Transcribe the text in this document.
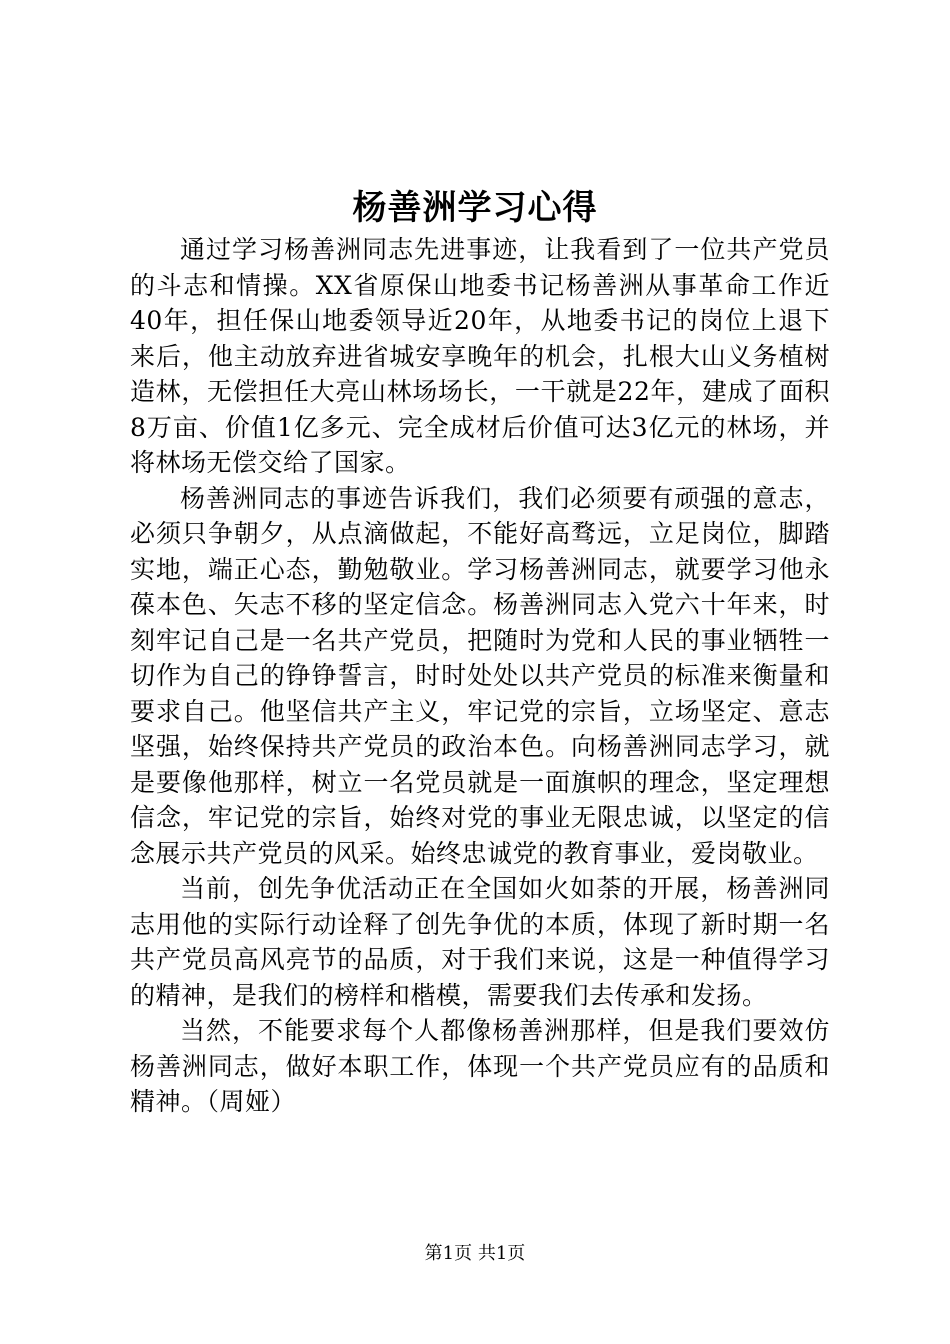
杨善洲学习心得

通过学习杨善洲同志先进事迹，让我看到了一位共产党员的斗志和情操。XX省原保山地委书记杨善洲从事革命工作近40年，担任保山地委领导近20年，从地委书记的岗位上退下来后，他主动放弃进省城安享晚年的机会，扎根大山义务植树造林，无偿担任大亮山林场场长，一干就是22年，建成了面积8万亩、价值1亿多元、完全成材后价值可达3亿元的林场，并将林场无偿交给了国家。

杨善洲同志的事迹告诉我们，我们必须要有顽强的意志，必须只争朝夕，从点滴做起，不能好高骛远，立足岗位，脚踏实地，端正心态，勤勉敬业。学习杨善洲同志，就要学习他永葆本色、矢志不移的坚定信念。杨善洲同志入党六十年来，时刻牢记自己是一名共产党员，把随时为党和人民的事业牺牲一切作为自己的铮铮誓言，时时处处以共产党员的标准来衡量和要求自己。他坚信共产主义，牢记党的宗旨，立场坚定、意志坚强，始终保持共产党员的政治本色。向杨善洲同志学习，就是要像他那样，树立一名党员就是一面旗帜的理念，坚定理想信念，牢记党的宗旨，始终对党的事业无限忠诚，以坚定的信念展示共产党员的风采。始终忠诚党的教育事业，爱岗敬业。

当前，创先争优活动正在全国如火如荼的开展，杨善洲同志用他的实际行动诠释了创先争优的本质，体现了新时期一名共产党员高风亮节的品质，对于我们来说，这是一种值得学习的精神，是我们的榜样和楷模，需要我们去传承和发扬。

当然，不能要求每个人都像杨善洲那样，但是我们要效仿杨善洲同志，做好本职工作，体现一个共产党员应有的品质和精神。（周娅）

第1页 共1页
